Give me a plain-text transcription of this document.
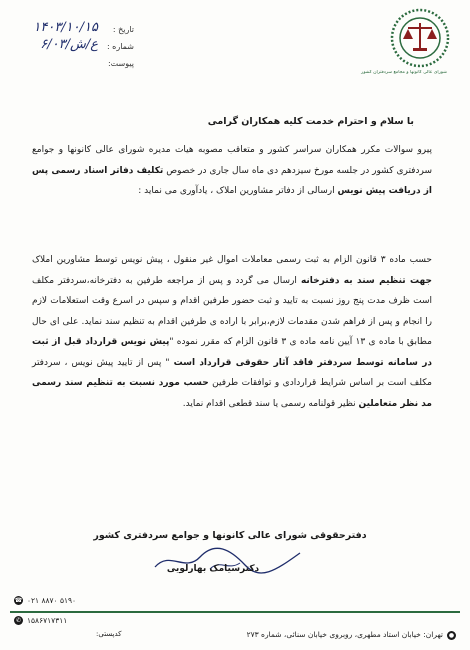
شورای عالی کانونها و مجامع سردفتران کشور
تاریخ :
۱۴۰۳/۱۰/۱۵
شماره :
۶/ع/ش/۰۳
پیوست:
با سلام و احترام خدمت کلیه همکاران گرامی
پیرو سوالات مکرر همکاران سراسر کشور و متعاقب مصوبه هیات مدیره شورای عالی کانونها و جوامع سردفتری کشور در جلسه مورخ سیزدهم دی ماه سال جاری در خصوص تکلیف دفاتر اسناد رسمی پس از دریافت پیش نویس ارسالی از دفاتر مشاورین املاک ، یادآوری می نماید :
حسب ماده ۳ قانون الزام به ثبت رسمی معاملات اموال غیر منقول ، پیش نویس توسط مشاورین املاک جهت تنظیم سند به دفترخانه ارسال می گردد و پس از مراجعه طرفین به دفترخانه،سردفتر مکلف است ظرف مدت پنج روز نسبت به تایید و ثبت حضور طرفین اقدام و سپس در اسرع وقت استعلامات لازم را انجام و پس از فراهم شدن مقدمات لازم،برابر با اراده ی طرفین اقدام به تنظیم سند نماید. علی ای حال مطابق با ماده ی ۱۳ آیین نامه ماده ی ۳ قانون الزام که مقرر نموده "پیش نویس قرارداد قبل از ثبت در سامانه توسط سردفتر فاقد آثار حقوقی قرارداد است " پس از تایید پیش نویس ، سردفتر مکلف است بر اساس شرایط قراردادی و توافقات طرفین حسب مورد نسبت به تنظیم سند رسمی مد نظر متعاملین نظیر قولنامه رسمی یا سند قطعی اقدام نماید.
دفترحقوقی شورای عالی کانونها و جوامع سردفتری کشور
دکترسیامک بهارلویی
☎ ۰۲۱ ۸۸۷۰ ۵۱۹۰
✆ ۱۵۸۶۷۱۷۳۱۱
کدپستی:	●تهران: خیابان استاد مطهری، روبروی خیابان سنائی، شماره ۲۷۳
